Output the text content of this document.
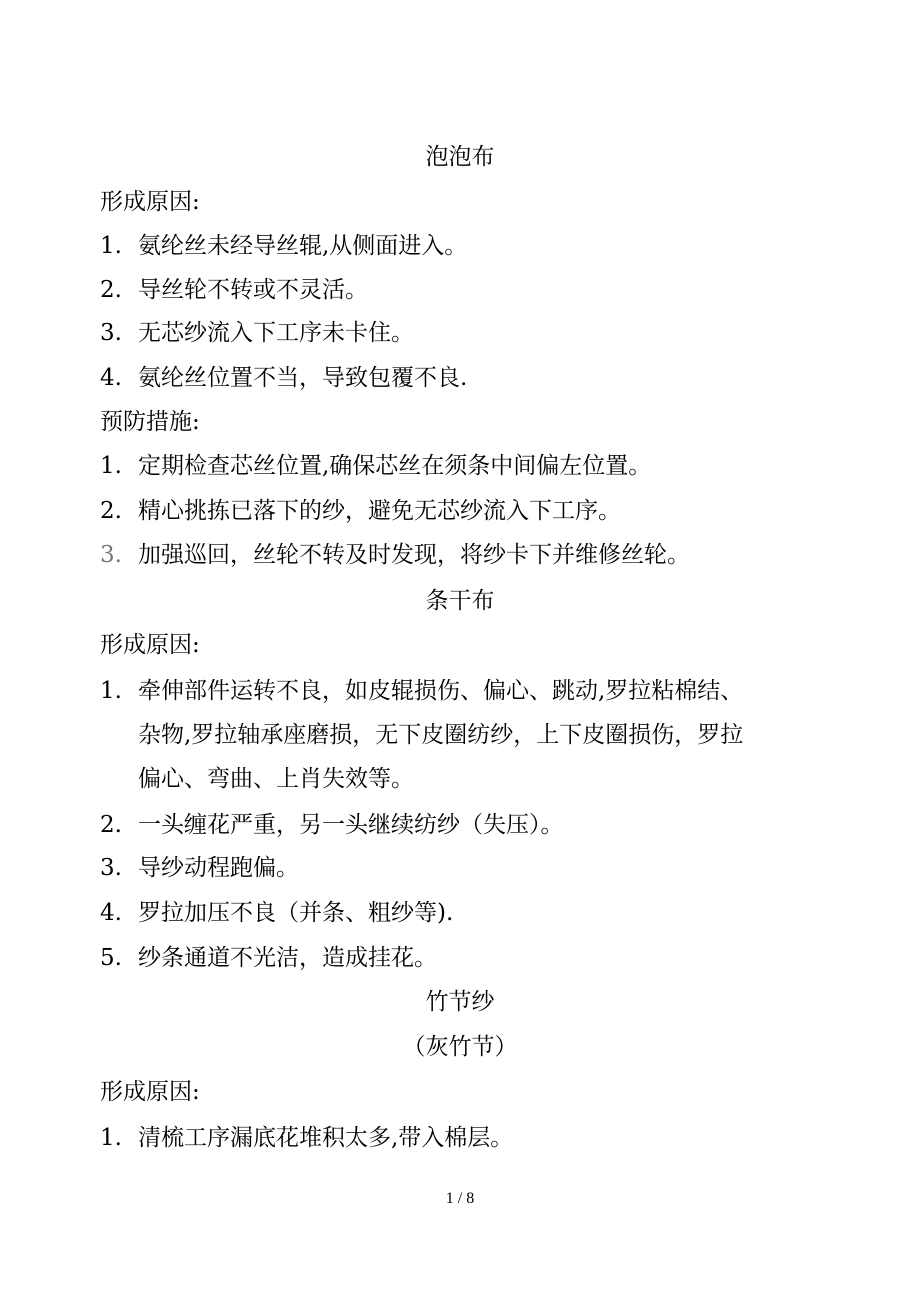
泡泡布
形成原因:
1. 氨纶丝未经导丝辊,从侧面进入。
2. 导丝轮不转或不灵活。
3. 无芯纱流入下工序未卡住。
4. 氨纶丝位置不当，导致包覆不良.
预防措施:
1. 定期检查芯丝位置,确保芯丝在须条中间偏左位置。
2. 精心挑拣已落下的纱，避免无芯纱流入下工序。
3. 加强巡回，丝轮不转及时发现，将纱卡下并维修丝轮。
条干布
形成原因:
1. 牵伸部件运转不良，如皮辊损伤、偏心、跳动,罗拉粘棉结、
杂物,罗拉轴承座磨损，无下皮圈纺纱，上下皮圈损伤，罗拉
偏心、弯曲、上肖失效等。
2. 一头缠花严重，另一头继续纺纱（失压）。
3. 导纱动程跑偏。
4. 罗拉加压不良（并条、粗纱等).
5. 纱条通道不光洁，造成挂花。
竹节纱
（灰竹节）
形成原因:
1. 清梳工序漏底花堆积太多,带入棉层。
1 / 8
